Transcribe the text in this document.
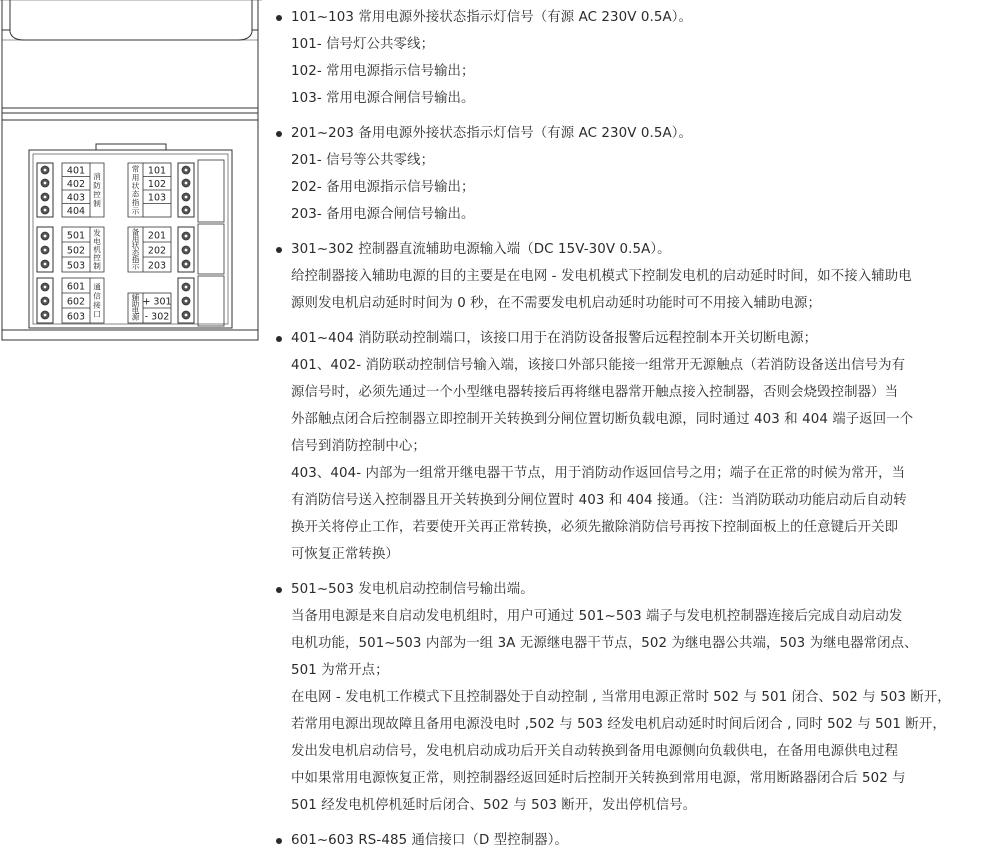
401
402
403
404
501
502
503
601
602
603
101
102
103
201
202
203
+ 301
- 302
消防控制
发电机控制
通信接口
常用状态指示
备用状态指示
辅助电源
101~103 常用电源外接状态指示灯信号（有源 AC 230V 0.5A）。
101- 信号灯公共零线；
102- 常用电源指示信号输出；
103- 常用电源合闸信号输出。
201~203 备用电源外接状态指示灯信号（有源 AC 230V 0.5A）。
201- 信号等公共零线；
202- 备用电源指示信号输出；
203- 备用电源合闸信号输出。
301~302 控制器直流辅助电源输入端（DC 15V-30V 0.5A）。
给控制器接入辅助电源的目的主要是在电网 - 发电机模式下控制发电机的启动延时时间，如不接入辅助电
源则发电机启动延时时间为 0 秒，在不需要发电机启动延时功能时可不用接入辅助电源；
401~404 消防联动控制端口，该接口用于在消防设备报警后远程控制本开关切断电源；
401、402- 消防联动控制信号输入端，该接口外部只能接一组常开无源触点（若消防设备送出信号为有
源信号时，必须先通过一个小型继电器转接后再将继电器常开触点接入控制器，否则会烧毁控制器）当
外部触点闭合后控制器立即控制开关转换到分闸位置切断负载电源，同时通过 403 和 404 端子返回一个
信号到消防控制中心；
403、404- 内部为一组常开继电器干节点，用于消防动作返回信号之用；端子在正常的时候为常开，当
有消防信号送入控制器且开关转换到分闸位置时 403 和 404 接通。（注：当消防联动功能启动后自动转
换开关将停止工作，若要使开关再正常转换，必须先撤除消防信号再按下控制面板上的任意键后开关即
可恢复正常转换）
501~503 发电机启动控制信号输出端。
当备用电源是来自启动发电机组时，用户可通过 501~503 端子与发电机控制器连接后完成自动启动发
电机功能，501~503 内部为一组 3A 无源继电器干节点，502 为继电器公共端，503 为继电器常闭点、
501 为常开点；
在电网 - 发电机工作模式下且控制器处于自动控制 , 当常用电源正常时 502 与 501 闭合、502 与 503 断开，
若常用电源出现故障且备用电源没电时 ,502 与 503 经发电机启动延时时间后闭合 , 同时 502 与 501 断开，
发出发电机启动信号，发电机启动成功后开关自动转换到备用电源侧向负载供电，在备用电源供电过程
中如果常用电源恢复正常，则控制器经返回延时后控制开关转换到常用电源，常用断路器闭合后 502 与
501 经发电机停机延时后闭合、502 与 503 断开，发出停机信号。
601~603 RS-485 通信接口（D 型控制器）。
